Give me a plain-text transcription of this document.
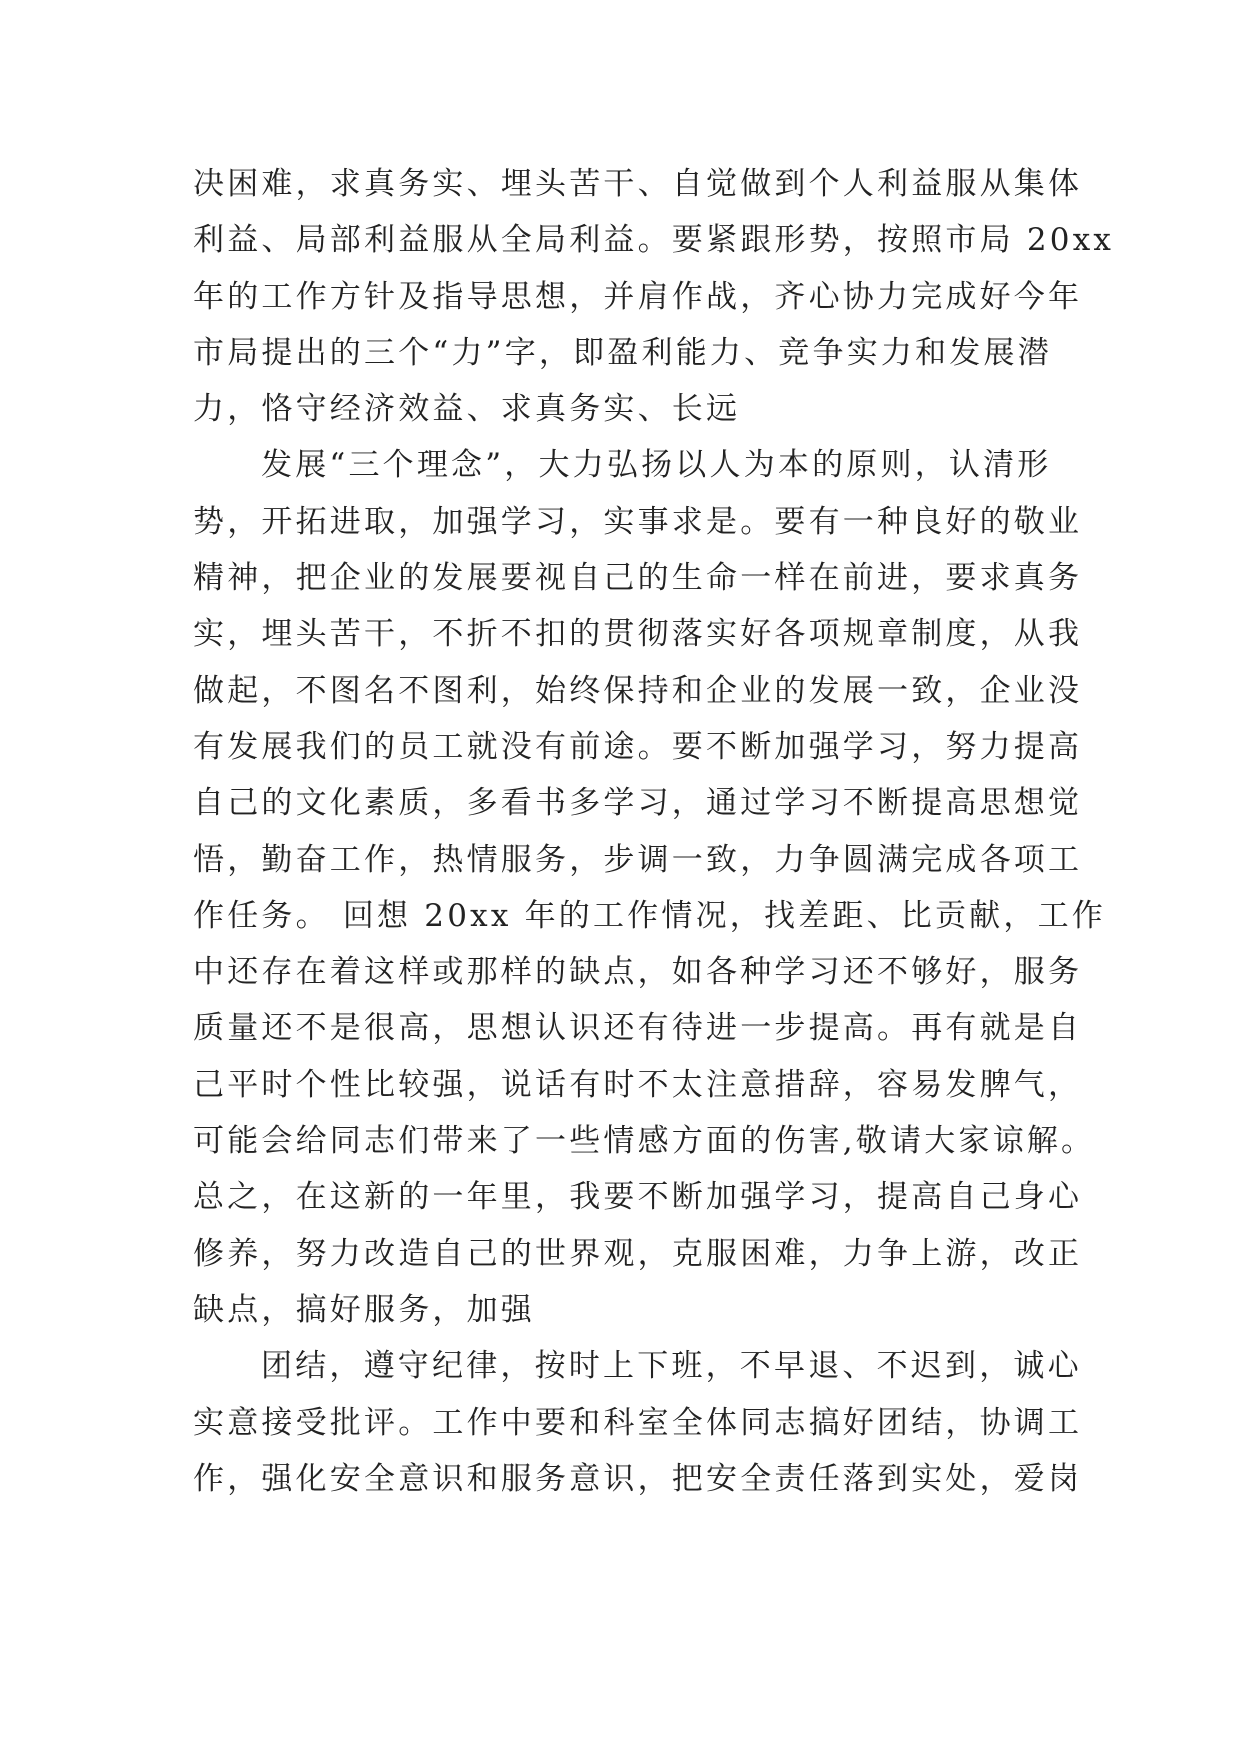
决困难，求真务实、埋头苦干、自觉做到个人利益服从集体
利益、局部利益服从全局利益。要紧跟形势，按照市局 20xx
年的工作方针及指导思想，并肩作战，齐心协力完成好今年
市局提出的三个“力”字，即盈利能力、竞争实力和发展潜
力，恪守经济效益、求真务实、长远
发展“三个理念”，大力弘扬以人为本的原则，认清形
势，开拓进取，加强学习，实事求是。要有一种良好的敬业
精神，把企业的发展要视自己的生命一样在前进，要求真务
实，埋头苦干，不折不扣的贯彻落实好各项规章制度，从我
做起，不图名不图利，始终保持和企业的发展一致，企业没
有发展我们的员工就没有前途。要不断加强学习，努力提高
自己的文化素质，多看书多学习，通过学习不断提高思想觉
悟，勤奋工作，热情服务，步调一致，力争圆满完成各项工
作任务。 回想 20xx 年的工作情况，找差距、比贡献，工作
中还存在着这样或那样的缺点，如各种学习还不够好，服务
质量还不是很高，思想认识还有待进一步提高。再有就是自
己平时个性比较强，说话有时不太注意措辞，容易发脾气，
可能会给同志们带来了一些情感方面的伤害,敬请大家谅解。
总之，在这新的一年里，我要不断加强学习，提高自己身心
修养，努力改造自己的世界观，克服困难，力争上游，改正
缺点，搞好服务，加强
团结，遵守纪律，按时上下班，不早退、不迟到，诚心
实意接受批评。工作中要和科室全体同志搞好团结，协调工
作，强化安全意识和服务意识，把安全责任落到实处，爱岗
